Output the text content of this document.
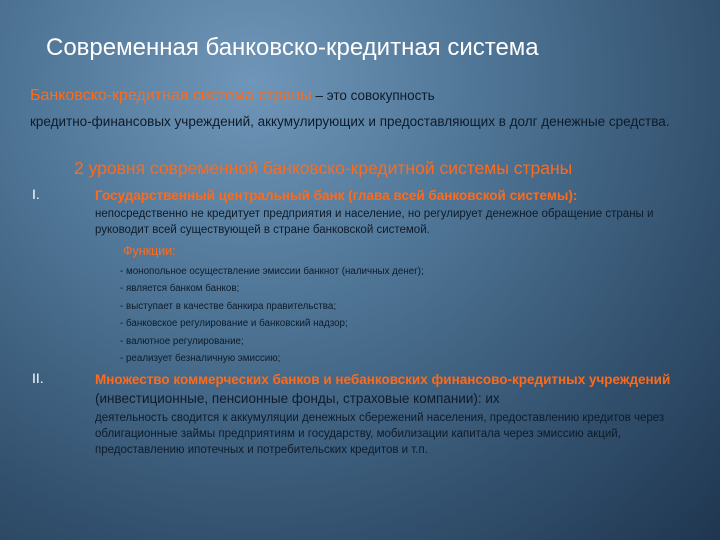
Современная банковско-кредитная система
Банковско-кредитная система страны – это совокупность
кредитно-финансовых учреждений, аккумулирующих и предоставляющих в долг денежные средства.
2 уровня современной банковско-кредитной системы страны
I.	Государственный центральный банк (глава всей банковской системы):
непосредственно не кредитует предприятия и население, но регулирует денежное обращение страны и руководит всей существующей в стране банковской системой.
Функции:
- монопольное осуществление эмиссии банкнот (наличных денег);
- является банком банков;
- выступает в качестве банкира правительства;
- банковское регулирование и банковский надзор;
- валютное регулирование;
- реализует безналичную эмиссию;
II.	Множество коммерческих банков и небанковских финансово-кредитных учреждений (инвестиционные, пенсионные фонды, страховые компании): их
деятельность сводится к аккумуляции денежных сбережений населения, предоставлению кредитов через облигационные займы предприятиям и государству, мобилизации капитала через эмиссию акций, предоставлению ипотечных и потребительских кредитов и т.п.
